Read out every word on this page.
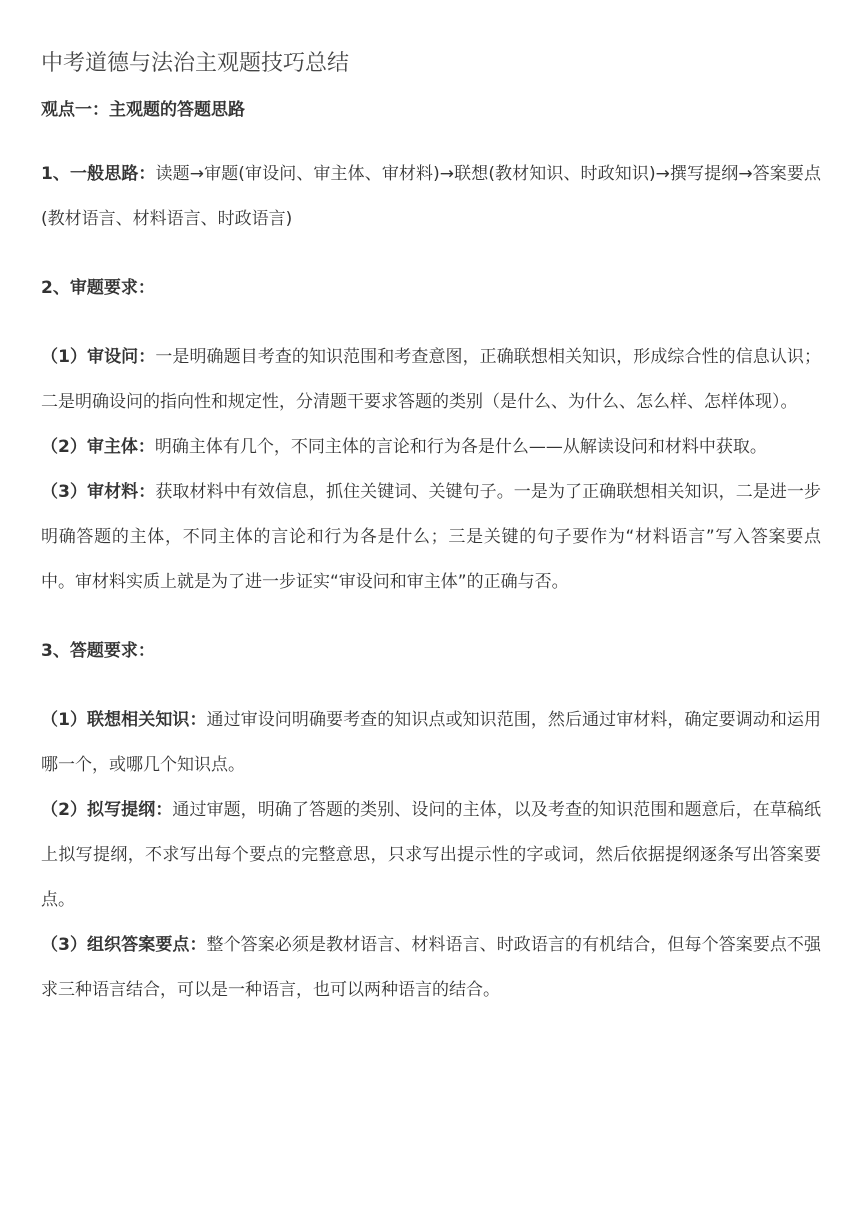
中考道德与法治主观题技巧总结
观点一：主观题的答题思路

1、一般思路：读题→审题(审设问、审主体、审材料)→联想(教材知识、时政知识)→撰写提纲→答案要点(教材语言、材料语言、时政语言)

2、审题要求：

（1）审设问：一是明确题目考查的知识范围和考查意图，正确联想相关知识，形成综合性的信息认识；二是明确设问的指向性和规定性，分清题干要求答题的类别（是什么、为什么、怎么样、怎样体现）。

（2）审主体：明确主体有几个，不同主体的言论和行为各是什么——从解读设问和材料中获取。

（3）审材料：获取材料中有效信息，抓住关键词、关键句子。一是为了正确联想相关知识，二是进一步明确答题的主体，不同主体的言论和行为各是什么；三是关键的句子要作为“材料语言”写入答案要点中。审材料实质上就是为了进一步证实“审设问和审主体”的正确与否。

3、答题要求：

（1）联想相关知识：通过审设问明确要考查的知识点或知识范围，然后通过审材料，确定要调动和运用哪一个，或哪几个知识点。

（2）拟写提纲：通过审题，明确了答题的类别、设问的主体，以及考查的知识范围和题意后，在草稿纸上拟写提纲，不求写出每个要点的完整意思，只求写出提示性的字或词，然后依据提纲逐条写出答案要点。

（3）组织答案要点：整个答案必须是教材语言、材料语言、时政语言的有机结合，但每个答案要点不强求三种语言结合，可以是一种语言，也可以两种语言的结合。
